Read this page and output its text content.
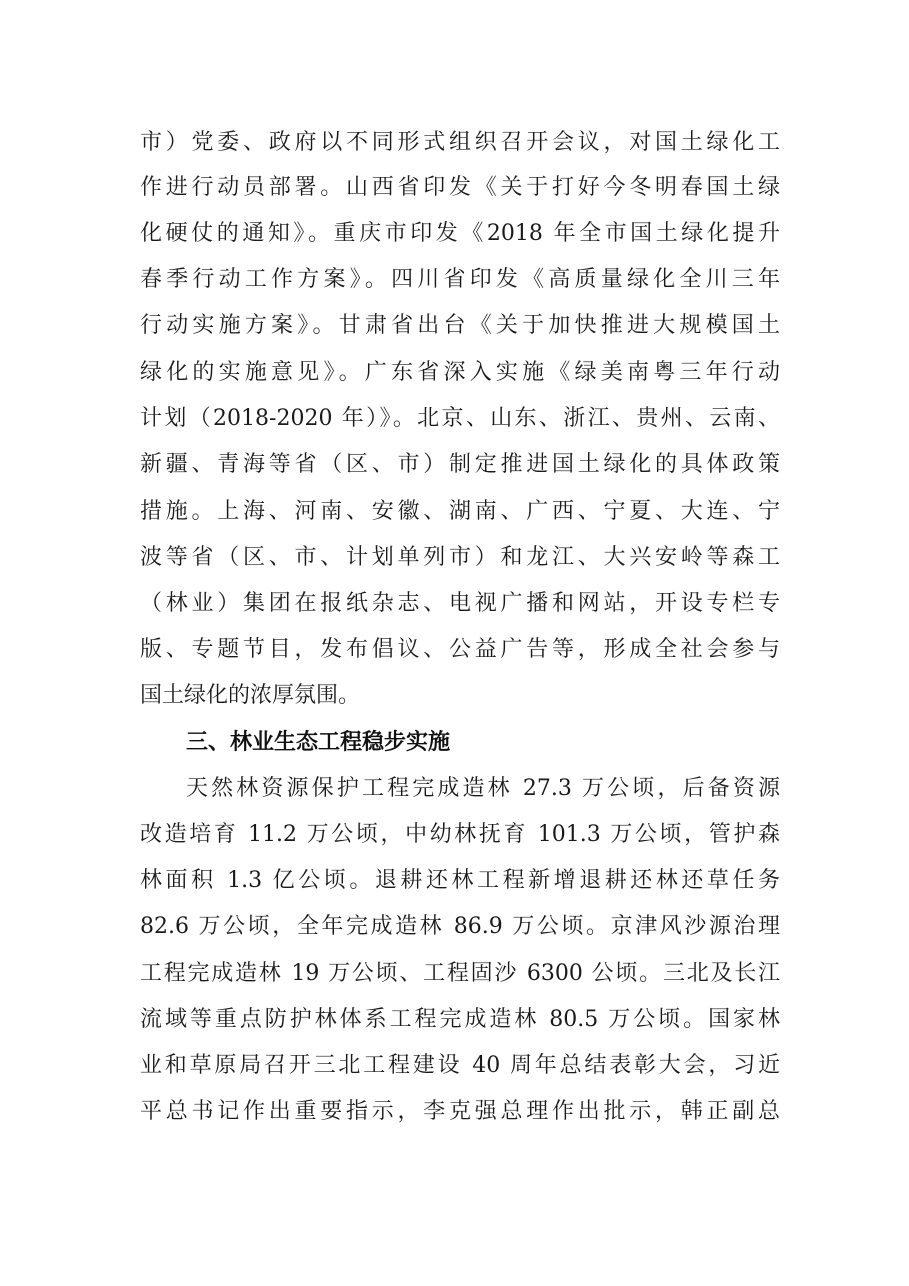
市）党委、政府以不同形式组织召开会议，对国土绿化工
作进行动员部署。山西省印发《关于打好今冬明春国土绿
化硬仗的通知》。重庆市印发《2018 年全市国土绿化提升
春季行动工作方案》。四川省印发《高质量绿化全川三年
行动实施方案》。甘肃省出台《关于加快推进大规模国土
绿化的实施意见》。广东省深入实施《绿美南粤三年行动
计划（2018-2020 年）》。北京、山东、浙江、贵州、云南、
新疆、青海等省（区、市）制定推进国土绿化的具体政策
措施。上海、河南、安徽、湖南、广西、宁夏、大连、宁
波等省（区、市、计划单列市）和龙江、大兴安岭等森工
（林业）集团在报纸杂志、电视广播和网站，开设专栏专
版、专题节目，发布倡议、公益广告等，形成全社会参与
国土绿化的浓厚氛围。
三、林业生态工程稳步实施
天然林资源保护工程完成造林 27.3 万公顷，后备资源
改造培育 11.2 万公顷，中幼林抚育 101.3 万公顷，管护森
林面积 1.3 亿公顷。退耕还林工程新增退耕还林还草任务
82.6 万公顷，全年完成造林 86.9 万公顷。京津风沙源治理
工程完成造林 19 万公顷、工程固沙 6300 公顷。三北及长江
流域等重点防护林体系工程完成造林 80.5 万公顷。国家林
业和草原局召开三北工程建设 40 周年总结表彰大会，习近
平总书记作出重要指示，李克强总理作出批示，韩正副总
